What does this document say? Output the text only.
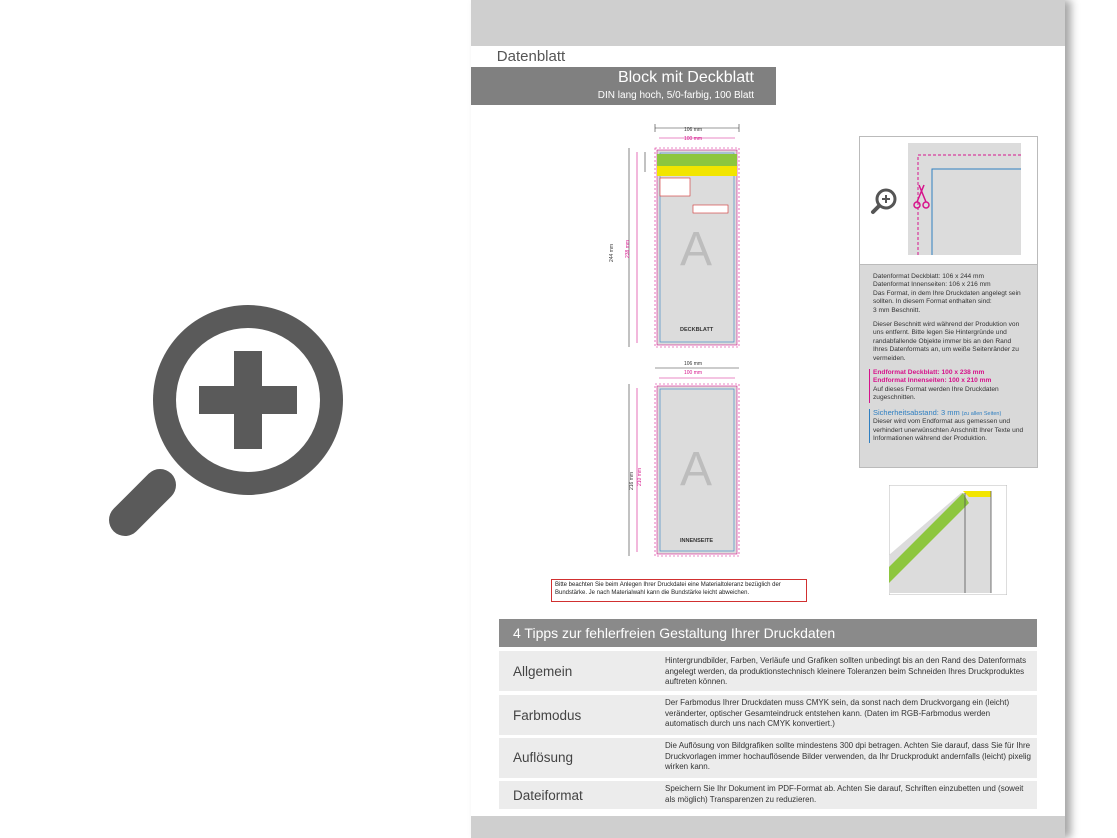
Datenblatt
Block mit Deckblatt
DIN lang hoch, 5/0-farbig, 100 Blatt
106 mm
100 mm
244 mm 238 mm A
DECKBLATT
106 mm
100 mm
216 mm 210 mm A
INNENSEITE
Datenformat Deckblatt: 106 x 244 mm
Datenformat Innenseiten: 106 x 216 mm
Das Format, in dem Ihre Druckdaten angelegt sein
sollten. In diesem Format enthalten sind:
3 mm Beschnitt.
Dieser Beschnitt wird während der Produktion von
uns entfernt. Bitte legen Sie Hintergründe und
randabfallende Objekte immer bis an den Rand
Ihres Datenformats an, um weiße Seitenränder zu
vermeiden.
Endformat Deckblatt: 100 x 238 mm
Endformat Innenseiten: 100 x 210 mm
Auf dieses Format werden Ihre Druckdaten
zugeschnitten.
Sicherheitsabstand: 3 mm (zu allen Seiten)
Dieser wird vom Endformat aus gemessen und
verhindert unerwünschten Anschnitt Ihrer Texte und
Informationen während der Produktion.
Bitte beachten Sie beim Anlegen Ihrer Druckdatei eine Materialtoleranz bezüglich der Bundstärke. Je nach Materialwahl kann die Bundstärke leicht abweichen.
4 Tipps zur fehlerfreien Gestaltung Ihrer Druckdaten
Allgemein
Hintergrundbilder, Farben, Verläufe und Grafiken sollten unbedingt bis an den Rand des Datenformats angelegt werden, da produktionstechnisch kleinere Toleranzen beim Schneiden Ihres Druckproduktes auftreten können.
Farbmodus
Der Farbmodus Ihrer Druckdaten muss CMYK sein, da sonst nach dem Druckvorgang ein (leicht) veränderter, optischer Gesamteindruck entstehen kann. (Daten im RGB-Farbmodus werden automatisch durch uns nach CMYK konvertiert.)
Auflösung
Die Auflösung von Bildgrafiken sollte mindestens 300 dpi betragen. Achten Sie darauf, dass Sie für Ihre Druckvorlagen immer hochauflösende Bilder verwenden, da Ihr Druckprodukt andernfalls (leicht) pixelig wirken kann.
Dateiformat	Speichern Sie Ihr Dokument im PDF-Format ab. Achten Sie darauf, Schriften einzubetten und (soweit als möglich) Transparenzen zu reduzieren.
